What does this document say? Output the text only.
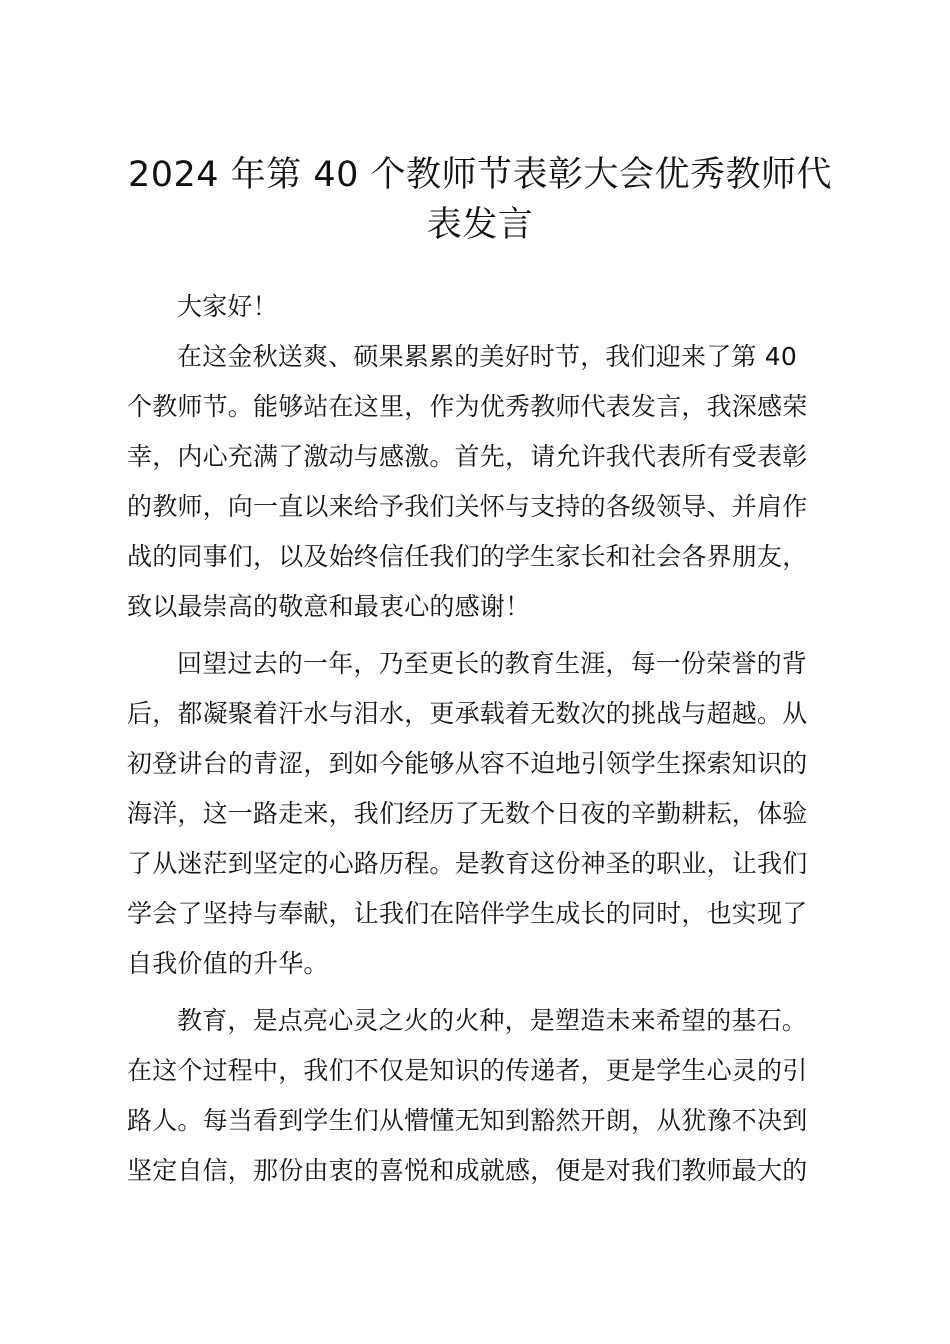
2024 年第 40 个教师节表彰大会优秀教师代
表发言
大家好！
在这金秋送爽、硕果累累的美好时节，我们迎来了第 40
个教师节。能够站在这里，作为优秀教师代表发言，我深感荣
幸，内心充满了激动与感激。首先，请允许我代表所有受表彰
的教师，向一直以来给予我们关怀与支持的各级领导、并肩作
战的同事们，以及始终信任我们的学生家长和社会各界朋友，
致以最崇高的敬意和最衷心的感谢！
回望过去的一年，乃至更长的教育生涯，每一份荣誉的背
后，都凝聚着汗水与泪水，更承载着无数次的挑战与超越。从
初登讲台的青涩，到如今能够从容不迫地引领学生探索知识的
海洋，这一路走来，我们经历了无数个日夜的辛勤耕耘，体验
了从迷茫到坚定的心路历程。是教育这份神圣的职业，让我们
学会了坚持与奉献，让我们在陪伴学生成长的同时，也实现了
自我价值的升华。
教育，是点亮心灵之火的火种，是塑造未来希望的基石。
在这个过程中，我们不仅是知识的传递者，更是学生心灵的引
路人。每当看到学生们从懵懂无知到豁然开朗，从犹豫不决到
坚定自信，那份由衷的喜悦和成就感，便是对我们教师最大的
